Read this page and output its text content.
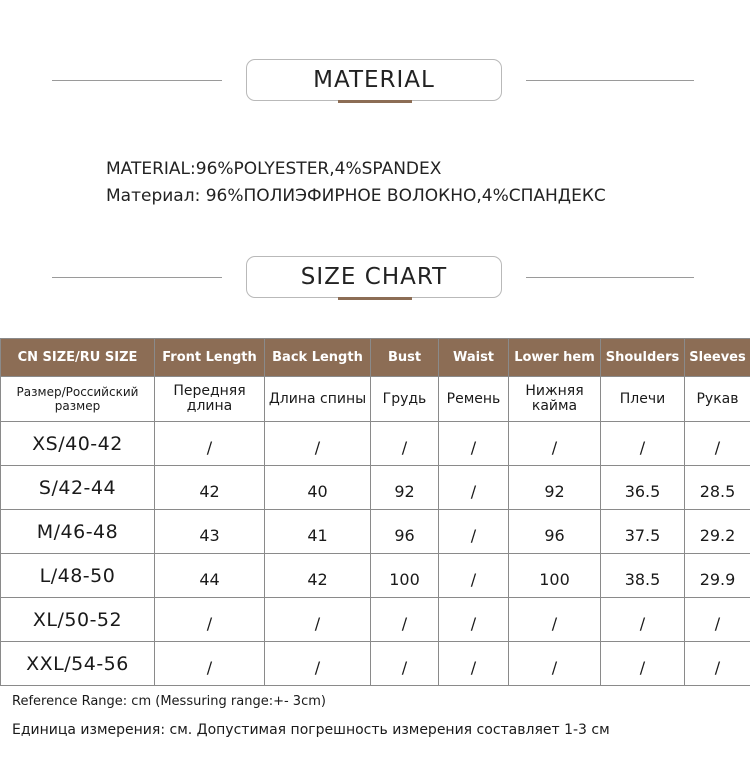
MATERIAL
MATERIAL:96%POLYESTER,4%SPANDEX
Материал: 96%ПОЛИЭФИРНОЕ ВОЛОКНО,4%СПАНДЕКС
SIZE CHART
CN SIZE/RU SIZE	Front Length	Back Length	Bust	Waist	Lower hem	Shoulders	Sleeves
Размер/Российский размер	Передняя длина	Длина спины	Грудь	Ремень	Нижняя кайма	Плечи	Рукав
XS/40-42	/	/	/	/	/	/	/
S/42-44	42	40	92	/	92	36.5	28.5
M/46-48	43	41	96	/	96	37.5	29.2
L/48-50	44	42	100	/	100	38.5	29.9
XL/50-52	/	/	/	/	/	/	/
XXL/54-56	/	/	/	/	/	/	/
Reference Range: cm (Messuring range:+- 3cm)
Единица измерения: см. Допустимая погрешность измерения составляет 1-3 см
